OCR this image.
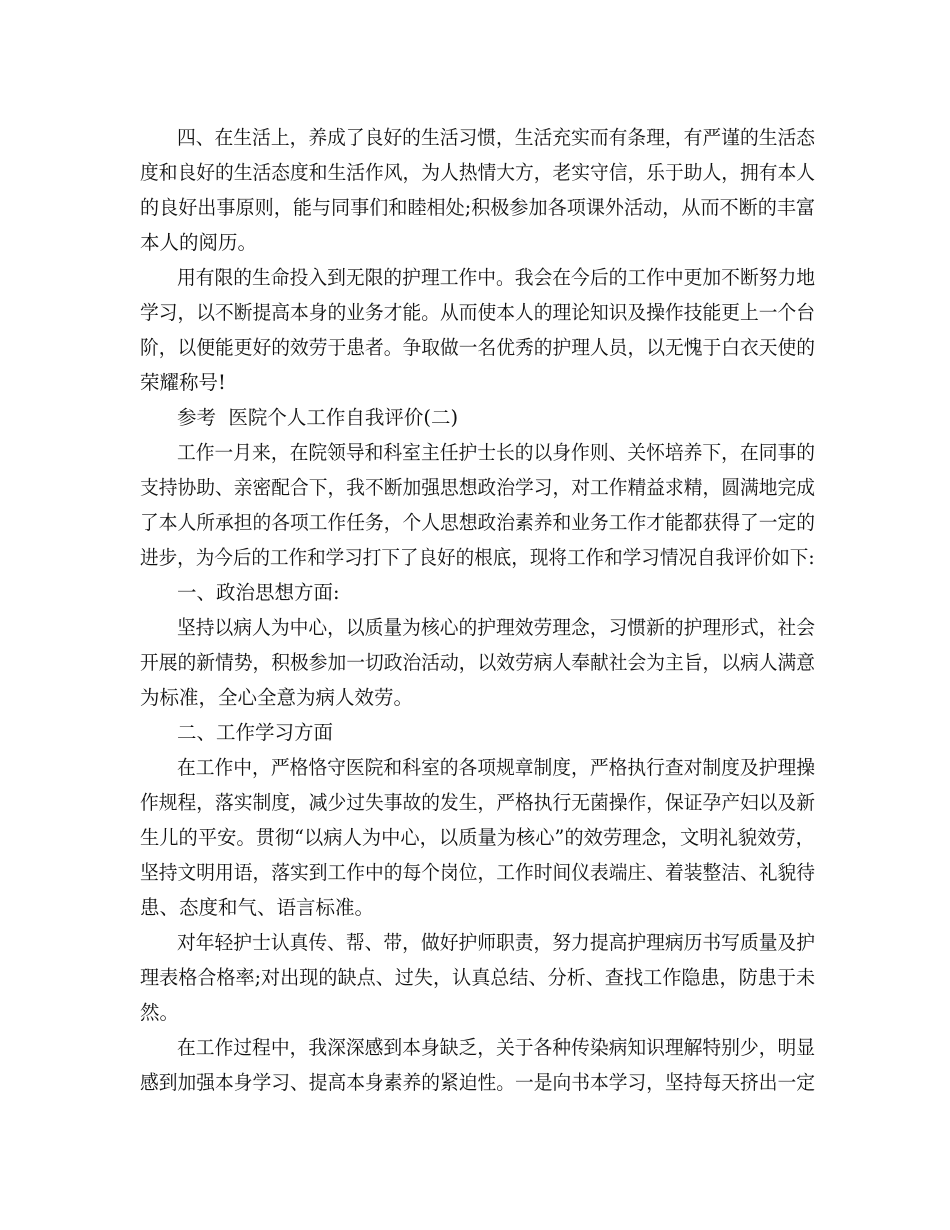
四、在生活上，养成了良好的生活习惯，生活充实而有条理，有严谨的生活态
度和良好的生活态度和生活作风，为人热情大方，老实守信，乐于助人，拥有本人
的良好出事原则，能与同事们和睦相处;积极参加各项课外活动，从而不断的丰富
本人的阅历。
用有限的生命投入到无限的护理工作中。我会在今后的工作中更加不断努力地
学习，以不断提高本身的业务才能。从而使本人的理论知识及操作技能更上一个台
阶，以便能更好的效劳于患者。争取做一名优秀的护理人员，以无愧于白衣天使的
荣耀称号!
参考  医院个人工作自我评价(二)
工作一月来，在院领导和科室主任护士长的以身作则、关怀培养下，在同事的
支持协助、亲密配合下，我不断加强思想政治学习，对工作精益求精，圆满地完成
了本人所承担的各项工作任务，个人思想政治素养和业务工作才能都获得了一定的
进步，为今后的工作和学习打下了良好的根底，现将工作和学习情况自我评价如下:
一、政治思想方面:
坚持以病人为中心，以质量为核心的护理效劳理念，习惯新的护理形式，社会
开展的新情势，积极参加一切政治活动，以效劳病人奉献社会为主旨，以病人满意
为标准，全心全意为病人效劳。
二、工作学习方面
在工作中，严格恪守医院和科室的各项规章制度，严格执行查对制度及护理操
作规程，落实制度，减少过失事故的发生，严格执行无菌操作，保证孕产妇以及新
生儿的平安。贯彻“以病人为中心，以质量为核心”的效劳理念，文明礼貌效劳，
坚持文明用语，落实到工作中的每个岗位，工作时间仪表端庄、着装整洁、礼貌待
患、态度和气、语言标准。
对年轻护士认真传、帮、带，做好护师职责，努力提高护理病历书写质量及护
理表格合格率;对出现的缺点、过失，认真总结、分析、查找工作隐患，防患于未
然。
在工作过程中，我深深感到本身缺乏，关于各种传染病知识理解特别少，明显
感到加强本身学习、提高本身素养的紧迫性。一是向书本学习，坚持每天挤出一定
